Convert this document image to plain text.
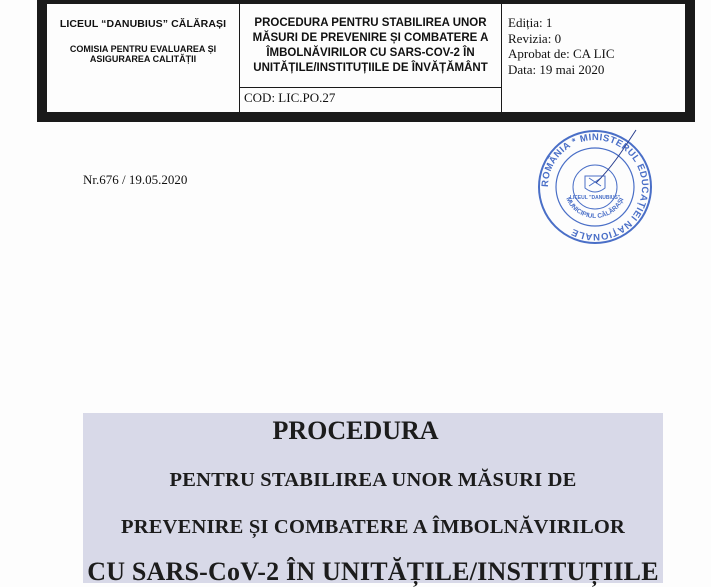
LICEUL “DANUBIUS” CĂLĂRAȘI
COMISIA PENTRU EVALUAREA ȘI ASIGURAREA CALITĂȚII
PROCEDURA PENTRU STABILIREA UNOR MĂSURI DE PREVENIRE ȘI COMBATERE A ÎMBOLNĂVIRILOR CU SARS-COV-2 ÎN UNITĂȚILE/INSTITUȚIILE DE ÎNVĂȚĂMÂNT
COD: LIC.PO.27
Ediția: 1
Revizia: 0
Aprobat de: CA LIC
Data: 19 mai 2020
Nr.676 / 19.05.2020	ROMÂNIA * MINISTERUL EDUCAȚIEI NAȚIONALE
MUNICIPIUL CĂLĂRAȘI
LICEUL "DANUBIUS"
PROCEDURA
PENTRU STABILIREA UNOR MĂSURI DE
PREVENIRE ȘI COMBATERE A ÎMBOLNĂVIRILOR
CU SARS-CoV-2 ÎN UNITĂȚILE/INSTITUȚIILE
